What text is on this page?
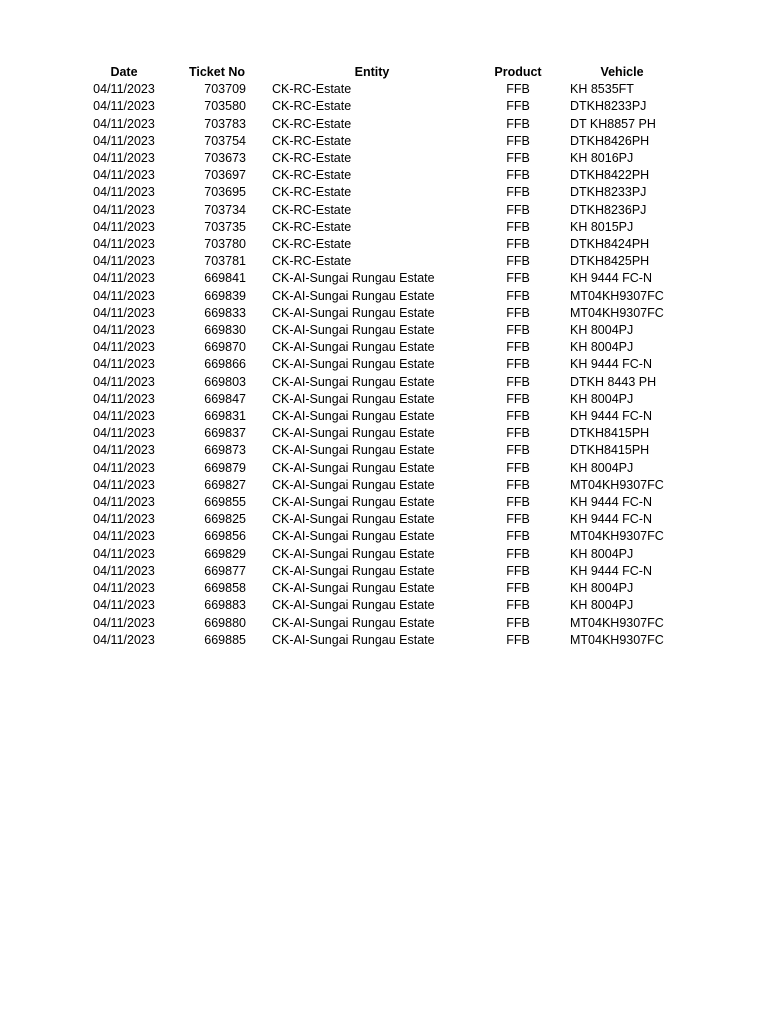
Date	Ticket No	Entity	Product	Vehicle
04/11/2023	703709	CK-RC-Estate	FFB	KH 8535FT
04/11/2023	703580	CK-RC-Estate	FFB	DTKH8233PJ
04/11/2023	703783	CK-RC-Estate	FFB	DT KH8857 PH
04/11/2023	703754	CK-RC-Estate	FFB	DTKH8426PH
04/11/2023	703673	CK-RC-Estate	FFB	KH 8016PJ
04/11/2023	703697	CK-RC-Estate	FFB	DTKH8422PH
04/11/2023	703695	CK-RC-Estate	FFB	DTKH8233PJ
04/11/2023	703734	CK-RC-Estate	FFB	DTKH8236PJ
04/11/2023	703735	CK-RC-Estate	FFB	KH 8015PJ
04/11/2023	703780	CK-RC-Estate	FFB	DTKH8424PH
04/11/2023	703781	CK-RC-Estate	FFB	DTKH8425PH
04/11/2023	669841	CK-AI-Sungai Rungau Estate	FFB	KH 9444 FC-N
04/11/2023	669839	CK-AI-Sungai Rungau Estate	FFB	MT04KH9307FC
04/11/2023	669833	CK-AI-Sungai Rungau Estate	FFB	MT04KH9307FC
04/11/2023	669830	CK-AI-Sungai Rungau Estate	FFB	KH 8004PJ
04/11/2023	669870	CK-AI-Sungai Rungau Estate	FFB	KH 8004PJ
04/11/2023	669866	CK-AI-Sungai Rungau Estate	FFB	KH 9444 FC-N
04/11/2023	669803	CK-AI-Sungai Rungau Estate	FFB	DTKH 8443 PH
04/11/2023	669847	CK-AI-Sungai Rungau Estate	FFB	KH 8004PJ
04/11/2023	669831	CK-AI-Sungai Rungau Estate	FFB	KH 9444 FC-N
04/11/2023	669837	CK-AI-Sungai Rungau Estate	FFB	DTKH8415PH
04/11/2023	669873	CK-AI-Sungai Rungau Estate	FFB	DTKH8415PH
04/11/2023	669879	CK-AI-Sungai Rungau Estate	FFB	KH 8004PJ
04/11/2023	669827	CK-AI-Sungai Rungau Estate	FFB	MT04KH9307FC
04/11/2023	669855	CK-AI-Sungai Rungau Estate	FFB	KH 9444 FC-N
04/11/2023	669825	CK-AI-Sungai Rungau Estate	FFB	KH 9444 FC-N
04/11/2023	669856	CK-AI-Sungai Rungau Estate	FFB	MT04KH9307FC
04/11/2023	669829	CK-AI-Sungai Rungau Estate	FFB	KH 8004PJ
04/11/2023	669877	CK-AI-Sungai Rungau Estate	FFB	KH 9444 FC-N
04/11/2023	669858	CK-AI-Sungai Rungau Estate	FFB	KH 8004PJ
04/11/2023	669883	CK-AI-Sungai Rungau Estate	FFB	KH 8004PJ
04/11/2023	669880	CK-AI-Sungai Rungau Estate	FFB	MT04KH9307FC
04/11/2023	669885	CK-AI-Sungai Rungau Estate	FFB	MT04KH9307FC
